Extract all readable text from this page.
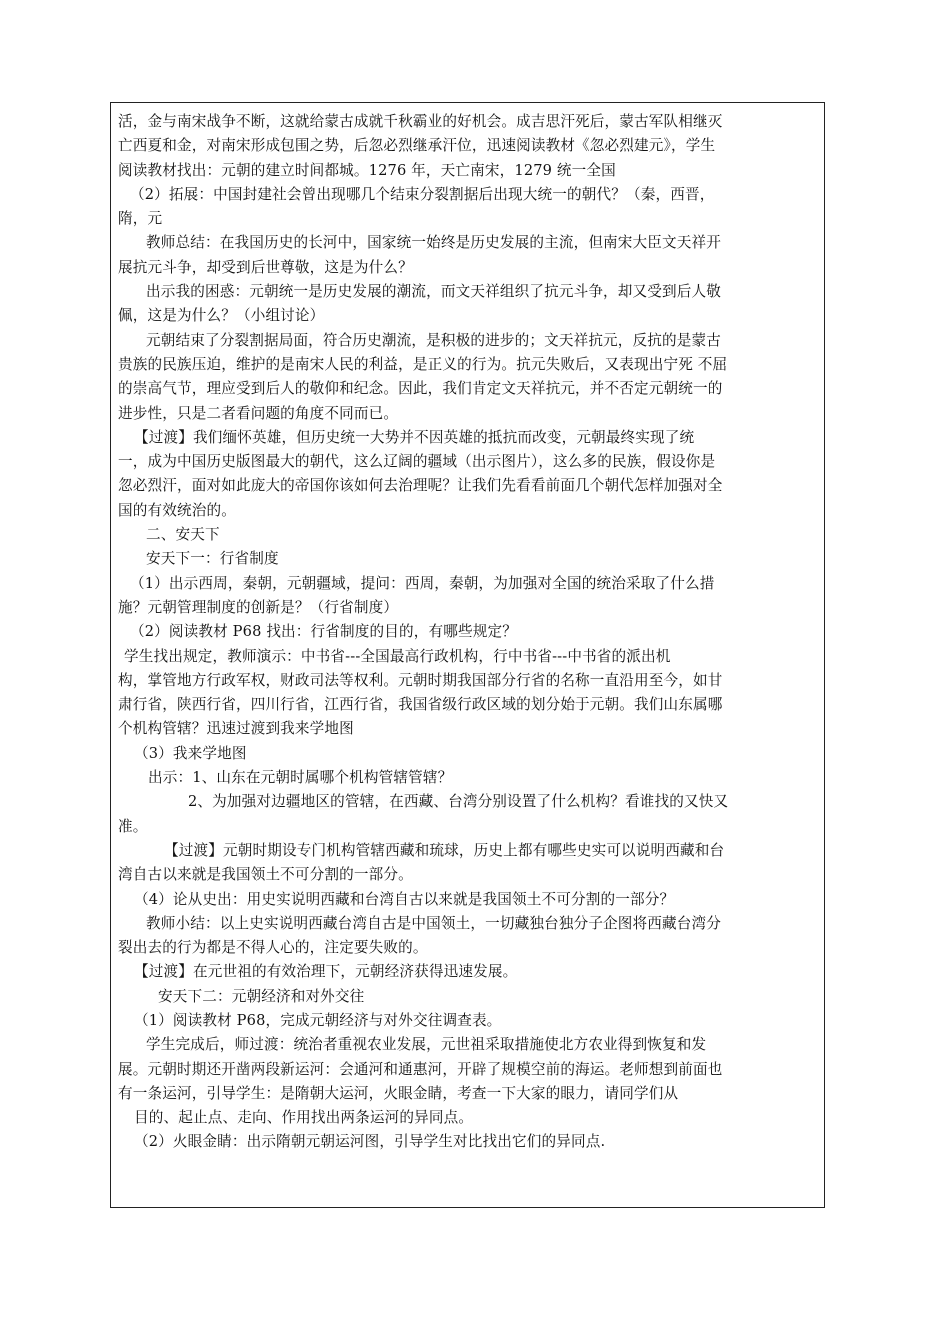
活，金与南宋战争不断，这就给蒙古成就千秋霸业的好机会。成吉思汗死后，蒙古军队相继灭
亡西夏和金，对南宋形成包围之势，后忽必烈继承汗位，迅速阅读教材《忽必烈建元》，学生
阅读教材找出：元朝的建立时间都城。1276 年，天亡南宋，1279 统一全国
（2）拓展：中国封建社会曾出现哪几个结束分裂割据后出现大统一的朝代？（秦，西晋，
隋，元
教师总结：在我国历史的长河中，国家统一始终是历史发展的主流，但南宋大臣文天祥开
展抗元斗争，却受到后世尊敬，这是为什么？
出示我的困惑：元朝统一是历史发展的潮流，而文天祥组织了抗元斗争，却又受到后人敬
佩，这是为什么？（小组讨论）
元朝结束了分裂割据局面，符合历史潮流，是积极的进步的；文天祥抗元，反抗的是蒙古
贵族的民族压迫，维护的是南宋人民的利益，是正义的行为。抗元失败后，又表现出宁死 不屈
的崇高气节，理应受到后人的敬仰和纪念。因此，我们肯定文天祥抗元，并不否定元朝统一的
进步性，只是二者看问题的角度不同而已。
【过渡】我们缅怀英雄，但历史统一大势并不因英雄的抵抗而改变，元朝最终实现了统
一，成为中国历史版图最大的朝代，这么辽阔的疆域（出示图片），这么多的民族，假设你是
忽必烈汗，面对如此庞大的帝国你该如何去治理呢？让我们先看看前面几个朝代怎样加强对全
国的有效统治的。
二、安天下
安天下一：行省制度
（1）出示西周，秦朝，元朝疆域，提问：西周，秦朝，为加强对全国的统治采取了什么措
施？元朝管理制度的创新是？（行省制度）
（2）阅读教材 P68 找出：行省制度的目的，有哪些规定？
学生找出规定，教师演示：中书省---全国最高行政机构，行中书省---中书省的派出机
构，掌管地方行政军权，财政司法等权利。元朝时期我国部分行省的名称一直沿用至今，如甘
肃行省，陕西行省，四川行省，江西行省，我国省级行政区域的划分始于元朝。我们山东属哪
个机构管辖？迅速过渡到我来学地图
（3）我来学地图
出示：1、山东在元朝时属哪个机构管辖管辖？
2、为加强对边疆地区的管辖，在西藏、台湾分别设置了什么机构？看谁找的又快又
准。
【过渡】元朝时期设专门机构管辖西藏和琉球，历史上都有哪些史实可以说明西藏和台
湾自古以来就是我国领土不可分割的一部分。
（4）论从史出：用史实说明西藏和台湾自古以来就是我国领土不可分割的一部分？
教师小结：以上史实说明西藏台湾自古是中国领土，一切藏独台独分子企图将西藏台湾分
裂出去的行为都是不得人心的，注定要失败的。
【过渡】在元世祖的有效治理下，元朝经济获得迅速发展。
安天下二：元朝经济和对外交往
（1）阅读教材 P68，完成元朝经济与对外交往调查表。
学生完成后，师过渡：统治者重视农业发展，元世祖采取措施使北方农业得到恢复和发
展。元朝时期还开凿两段新运河：会通河和通惠河，开辟了规模空前的海运。老师想到前面也
有一条运河，引导学生：是隋朝大运河，火眼金睛，考查一下大家的眼力，请同学们从
目的、起止点、走向、作用找出两条运河的异同点。
（2）火眼金睛：出示隋朝元朝运河图，引导学生对比找出它们的异同点.
